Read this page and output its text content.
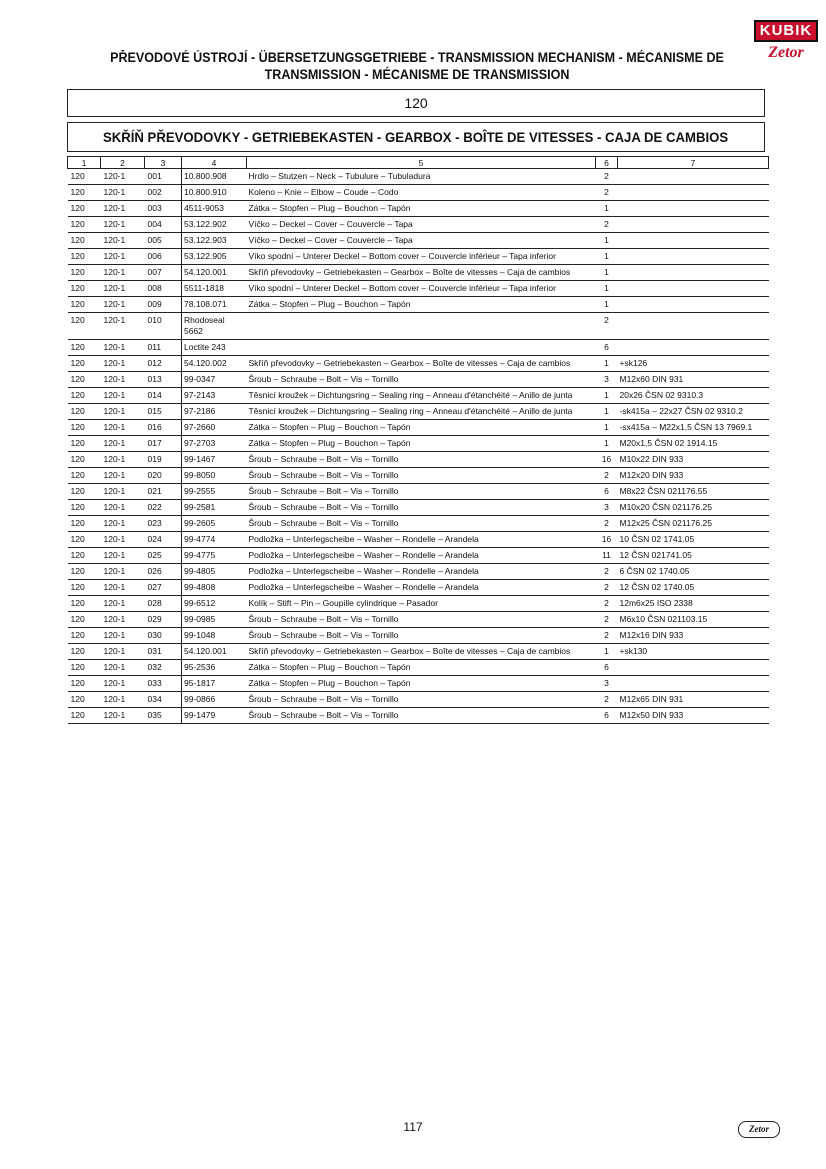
KUBIK
Zetor
PŘEVODOVÉ ÚSTROJÍ - ÜBERSETZUNGSGETRIEBE - TRANSMISSION MECHANISM - MÉCANISME DE
TRANSMISSION - MÉCANISME DE TRANSMISSION
120
SKŘÍŇ PŘEVODOVKY - GETRIEBEKASTEN - GEARBOX - BOÎTE DE VITESSES - CAJA DE CAMBIOS
1	2	3	4	5	6	7
120	120-1	001	10.800.908	Hrdlo – Stutzen – Neck – Tubulure – Tubuladura	2	
120	120-1	002	10.800.910	Koleno – Knie – Elbow – Coude – Codo	2	
120	120-1	003	4511-9053	Zátka – Stopfen – Plug – Bouchon – Tapón	1	
120	120-1	004	53.122.902	Víčko – Deckel – Cover – Couvercle – Tapa	2	
120	120-1	005	53.122.903	Víčko – Deckel – Cover – Couvercle – Tapa	1	
120	120-1	006	53.122.905	Víko spodní – Unterer Deckel – Bottom cover – Couvercle inférieur – Tapa inferior	1	
120	120-1	007	54.120.001	Skříň převodovky – Getriebekasten – Gearbox – Boîte de vitesses – Caja de cambios	1	
120	120-1	008	5511-1818	Víko spodní – Unterer Deckel – Bottom cover – Couvercle inférieur – Tapa inferior	1	
120	120-1	009	78.108.071	Zátka – Stopfen – Plug – Bouchon – Tapón	1	
120	120-1	010	Rhodoseal 5662		2	
120	120-1	011	Loctite 243		6	
120	120-1	012	54.120.002	Skříň převodovky – Getriebekasten – Gearbox – Boîte de vitesses – Caja de cambios	1	+sk126
120	120-1	013	99-0347	Šroub – Schraube – Bolt – Vis – Tornillo	3	M12x60 DIN 931
120	120-1	014	97-2143	Těsnicí kroužek – Dichtungsring – Sealing ring – Anneau d'étanchéité – Anillo de junta	1	20x26 ČSN 02 9310.3
120	120-1	015	97-2186	Těsnicí kroužek – Dichtungsring – Sealing ring – Anneau d'étanchéité – Anillo de junta	1	-sk415a – 22x27 ČSN 02 9310.2
120	120-1	016	97-2660	Zátka – Stopfen – Plug – Bouchon – Tapón	1	-sx415a – M22x1,5 ČSN 13 7969.1
120	120-1	017	97-2703	Zátka – Stopfen – Plug – Bouchon – Tapón	1	M20x1,5 ČSN 02 1914.15
120	120-1	019	99-1467	Šroub – Schraube – Bolt – Vis – Tornillo	16	M10x22 DIN 933
120	120-1	020	99-8050	Šroub – Schraube – Bolt – Vis – Tornillo	2	M12x20 DIN 933
120	120-1	021	99-2555	Šroub – Schraube – Bolt – Vis – Tornillo	6	M8x22 ČSN 021176.55
120	120-1	022	99-2581	Šroub – Schraube – Bolt – Vis – Tornillo	3	M10x20 ČSN 021176.25
120	120-1	023	99-2605	Šroub – Schraube – Bolt – Vis – Tornillo	2	M12x25 ČSN 021176.25
120	120-1	024	99-4774	Podložka – Unterlegscheibe – Washer – Rondelle – Arandela	16	10 ČSN 02 1741.05
120	120-1	025	99-4775	Podložka – Unterlegscheibe – Washer – Rondelle – Arandela	11	12 ČSN 021741.05
120	120-1	026	99-4805	Podložka – Unterlegscheibe – Washer – Rondelle – Arandela	2	6 ČSN 02 1740.05
120	120-1	027	99-4808	Podložka – Unterlegscheibe – Washer – Rondelle – Arandela	2	12 ČSN 02 1740.05
120	120-1	028	99-6512	Kolík – Stift – Pin – Goupille cylindrique – Pasador	2	12m6x25 ISO 2338
120	120-1	029	99-0985	Šroub – Schraube – Bolt – Vis – Tornillo	2	M6x10 ČSN 021103.15
120	120-1	030	99-1048	Šroub – Schraube – Bolt – Vis – Tornillo	2	M12x16 DIN 933
120	120-1	031	54.120.001	Skříň převodovky – Getriebekasten – Gearbox – Boîte de vitesses – Caja de cambios	1	+sk130
120	120-1	032	95-2536	Zátka – Stopfen – Plug – Bouchon – Tapón	6	
120	120-1	033	95-1817	Zátka – Stopfen – Plug – Bouchon – Tapón	3	
120	120-1	034	99-0866	Šroub – Schraube – Bolt – Vis – Tornillo	2	M12x65 DIN 931
120	120-1	035	99-1479	Šroub – Schraube – Bolt – Vis – Tornillo	6	M12x50 DIN 933
117	Zetor
